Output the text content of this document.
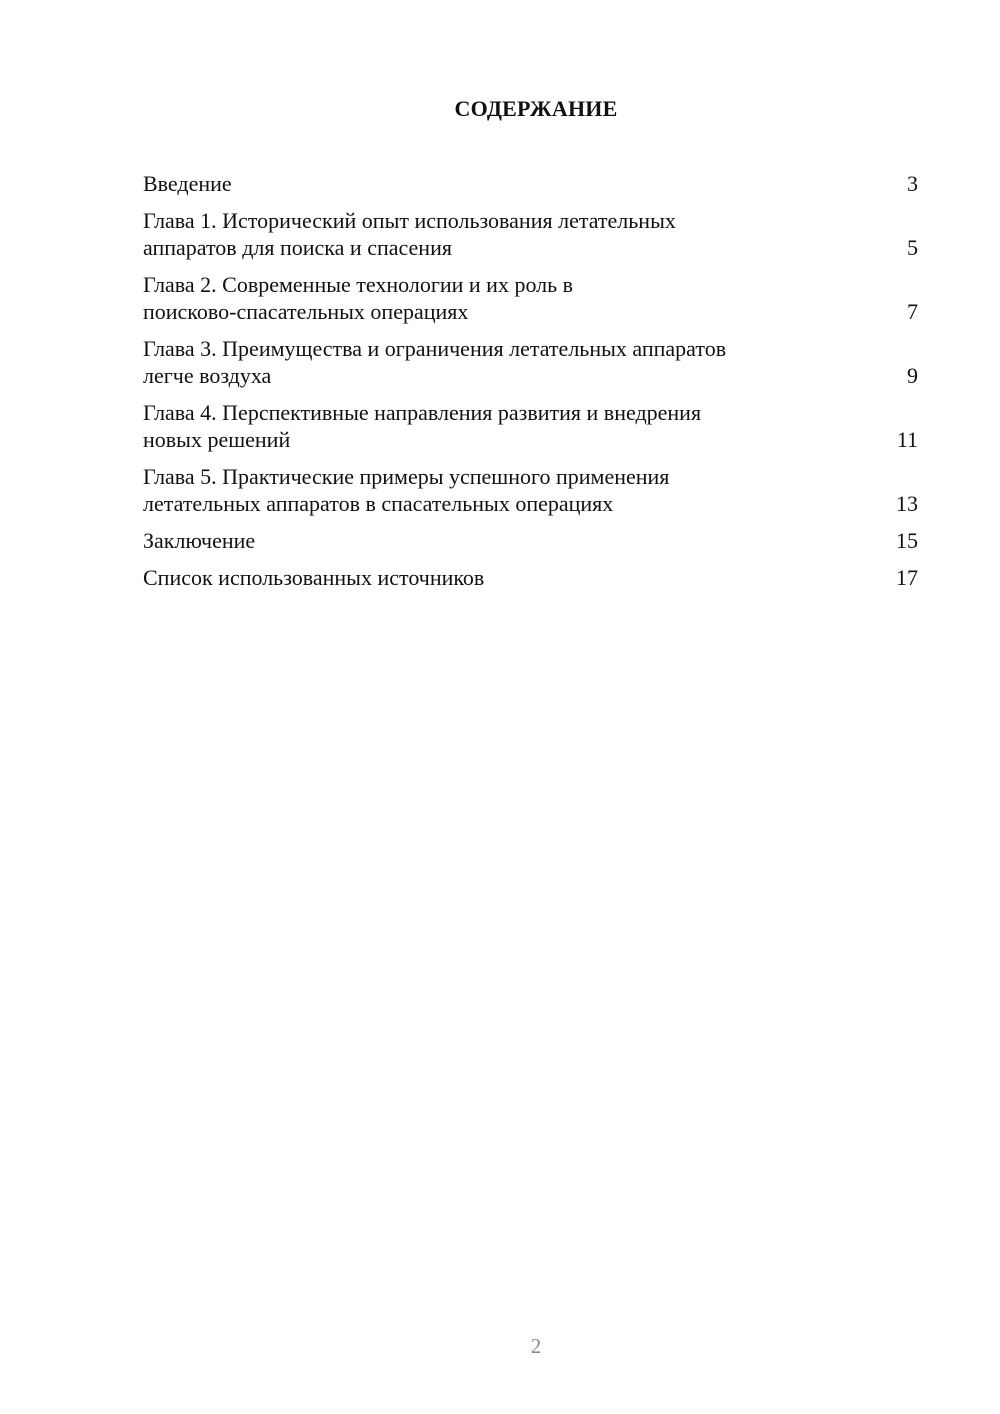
СОДЕРЖАНИЕ
Введение	3
Глава 1. Исторический опыт использования летательных
аппаратов для поиска и спасения	5
Глава 2. Современные технологии и их роль в
поисково-спасательных операциях	7
Глава 3. Преимущества и ограничения летательных аппаратов
легче воздуха	9
Глава 4. Перспективные направления развития и внедрения
новых решений	11
Глава 5. Практические примеры успешного применения
летательных аппаратов в спасательных операциях	13
Заключение	15
Список использованных источников	17
2
